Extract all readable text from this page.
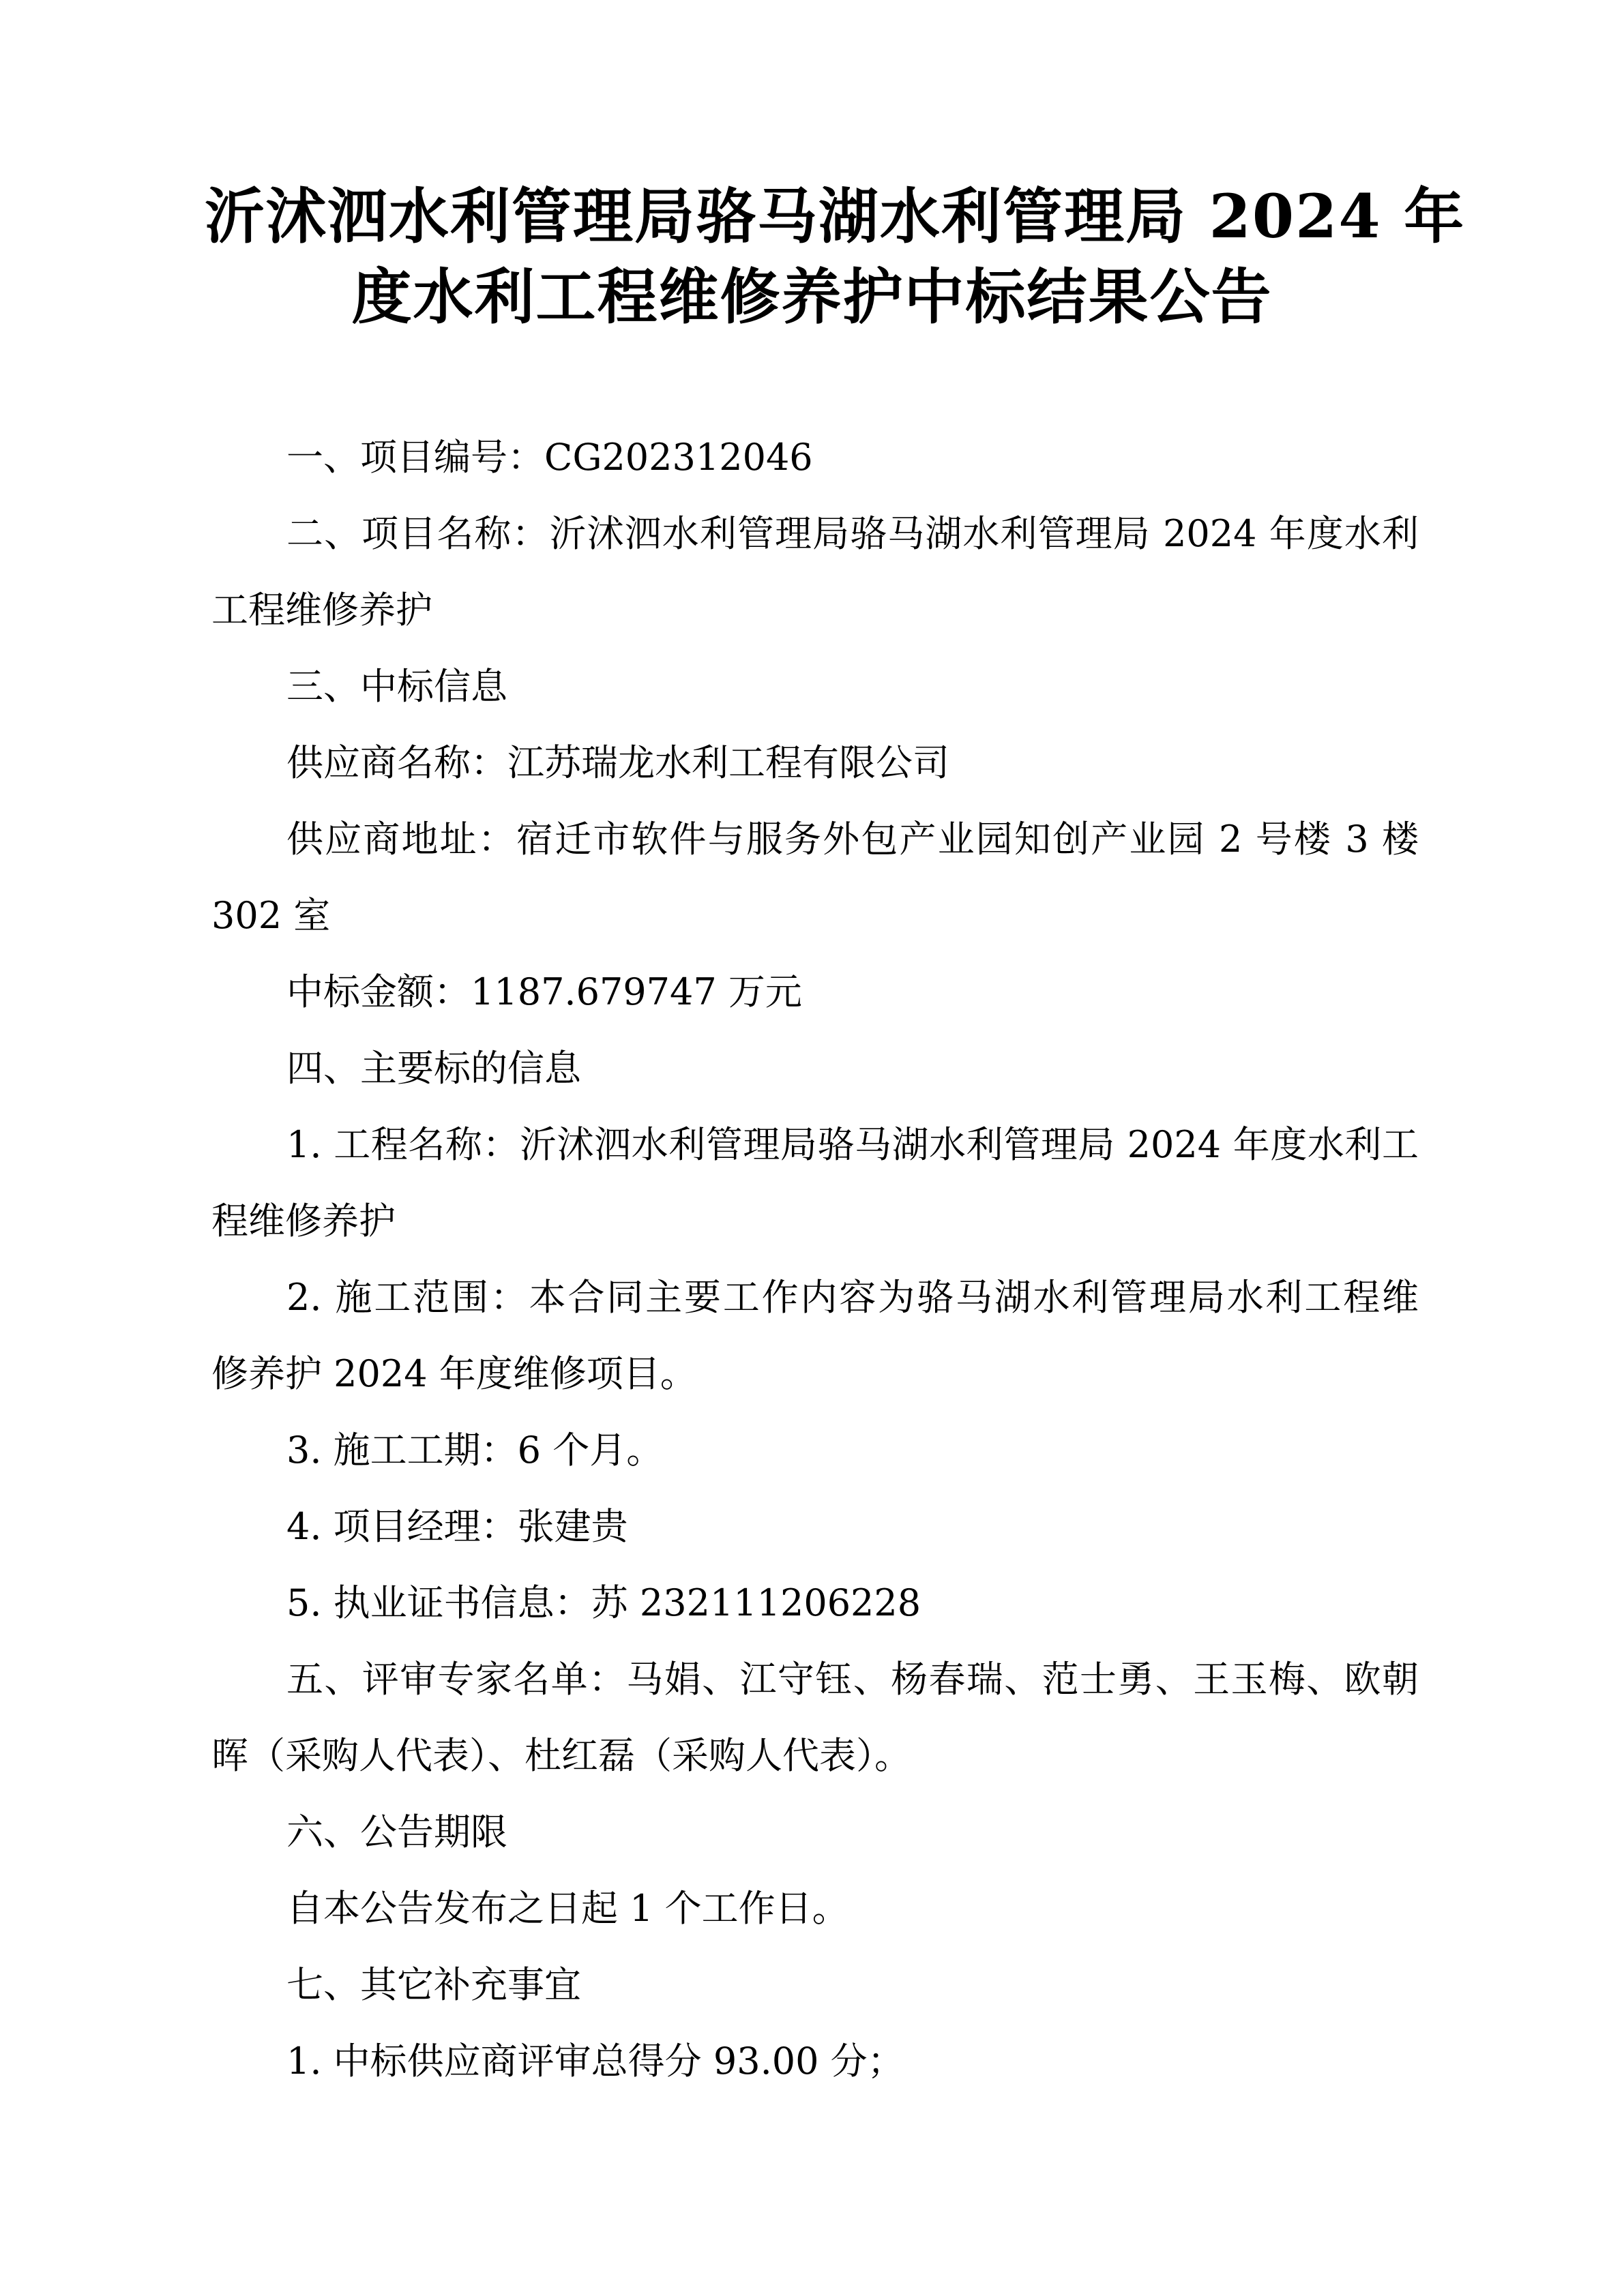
沂沭泗水利管理局骆马湖水利管理局 2024 年
度水利工程维修养护中标结果公告
一、项目编号：CG202312046
二、项目名称：沂沭泗水利管理局骆马湖水利管理局 2024 年度水利
工程维修养护
三、中标信息
供应商名称：江苏瑞龙水利工程有限公司
供应商地址：宿迁市软件与服务外包产业园知创产业园 2 号楼 3 楼
302 室
中标金额：1187.679747 万元
四、主要标的信息
1. 工程名称：沂沭泗水利管理局骆马湖水利管理局 2024 年度水利工
程维修养护
2. 施工范围：本合同主要工作内容为骆马湖水利管理局水利工程维
修养护 2024 年度维修项目。
3. 施工工期：6 个月。
4. 项目经理：张建贵
5. 执业证书信息：苏 232111206228
五、评审专家名单：马娟、江守钰、杨春瑞、范士勇、王玉梅、欧朝
晖（采购人代表）、杜红磊（采购人代表）。
六、公告期限
自本公告发布之日起 1 个工作日。
七、其它补充事宜
1. 中标供应商评审总得分 93.00 分；
